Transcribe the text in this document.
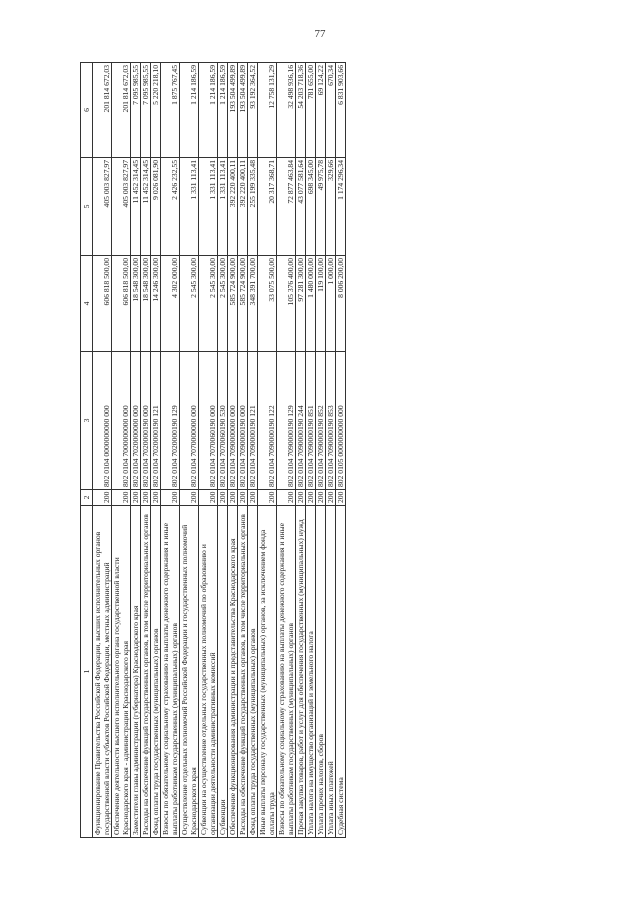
77
1	2	3	4	5	6
Функционирование Правительства Российской Федерации, высших исполнительных органов государственной власти субъектов Российской Федерации, местных администраций	200	802 0104 0000000000 000	606 818 500,00	405 003 827,97	201 814 672,03
Обеспечение деятельности высшего исполнительного органа государственной власти Краснодарского края - администрации Краснодарского края	200	802 0104 7000000000 000	606 818 500,00	405 003 827,97	201 814 672,03
Заместители главы администрации (губернатора) Краснодарского края	200	802 0104 7020000000 000	18 548 300,00	11 452 314,45	7 095 985,55
Расходы на обеспечение функций государственных органов, в том числе территориальных органов	200	802 0104 7020000190 000	18 548 300,00	11 452 314,45	7 095 985,55
Фонд оплаты труда государственных (муниципальных) органов	200	802 0104 7020000190 121	14 246 300,00	9 026 081,90	5 220 218,10
Взносы по обязательному социальному страхованию на выплаты денежного содержания и иные выплаты работникам государственных (муниципальных) органов	200	802 0104 7020000190 129	4 302 000,00	2 426 232,55	1 875 767,45
Осуществление отдельных полномочий Российской Федерации и государственных полномочий Краснодарского края	200	802 0104 7070000000 000	2 545 300,00	1 331 113,41	1 214 186,59
Субвенции на осуществление отдельных государственных полномочий по образованию и организации деятельности административных комиссий	200	802 0104 7070060190 000	2 545 300,00	1 331 113,41	1 214 186,59
Субвенции	200	802 0104 7070060190 530	2 545 300,00	1 331 113,41	1 214 186,59
Обеспечение функционирования администрации и представительства Краснодарского края	200	802 0104 7090000000 000	585 724 900,00	392 220 400,11	193 504 499,89
Расходы на обеспечение функций государственных органов, в том числе территориальных органов	200	802 0104 7090000190 000	585 724 900,00	392 220 400,11	193 504 499,89
Фонд оплаты труда государственных (муниципальных) органов	200	802 0104 7090000190 121	348 391 700,00	255 199 335,48	93 192 364,52
Иные выплаты персоналу государственных (муниципальных) органов, за исключением фонда оплаты труда	200	802 0104 7090000190 122	33 075 500,00	20 317 368,71	12 758 131,29
Взносы по обязательному социальному страхованию на выплаты денежного содержания и иные выплаты работникам государственных (муниципальных) органов	200	802 0104 7090000190 129	105 376 400,00	72 877 463,84	32 498 936,16
Прочая закупка товаров, работ и услуг для обеспечения государственных (муниципальных) нужд	200	802 0104 7090000190 244	97 281 300,00	43 077 581,64	54 203 718,36
Уплата налога на имущество организаций и земельного налога	200	802 0104 7090000190 851	1 480 000,00	698 345,00	781 655,00
Уплата прочих налогов, сборов	200	802 0104 7090000190 852	119 100,00	49 975,78	69 124,22
Уплата иных платежей	200	802 0104 7090000190 853	1 000,00	329,66	670,34
Судебная система	200	802 0105 0000000000 000	8 006 200,00	1 174 296,34	6 831 903,66
